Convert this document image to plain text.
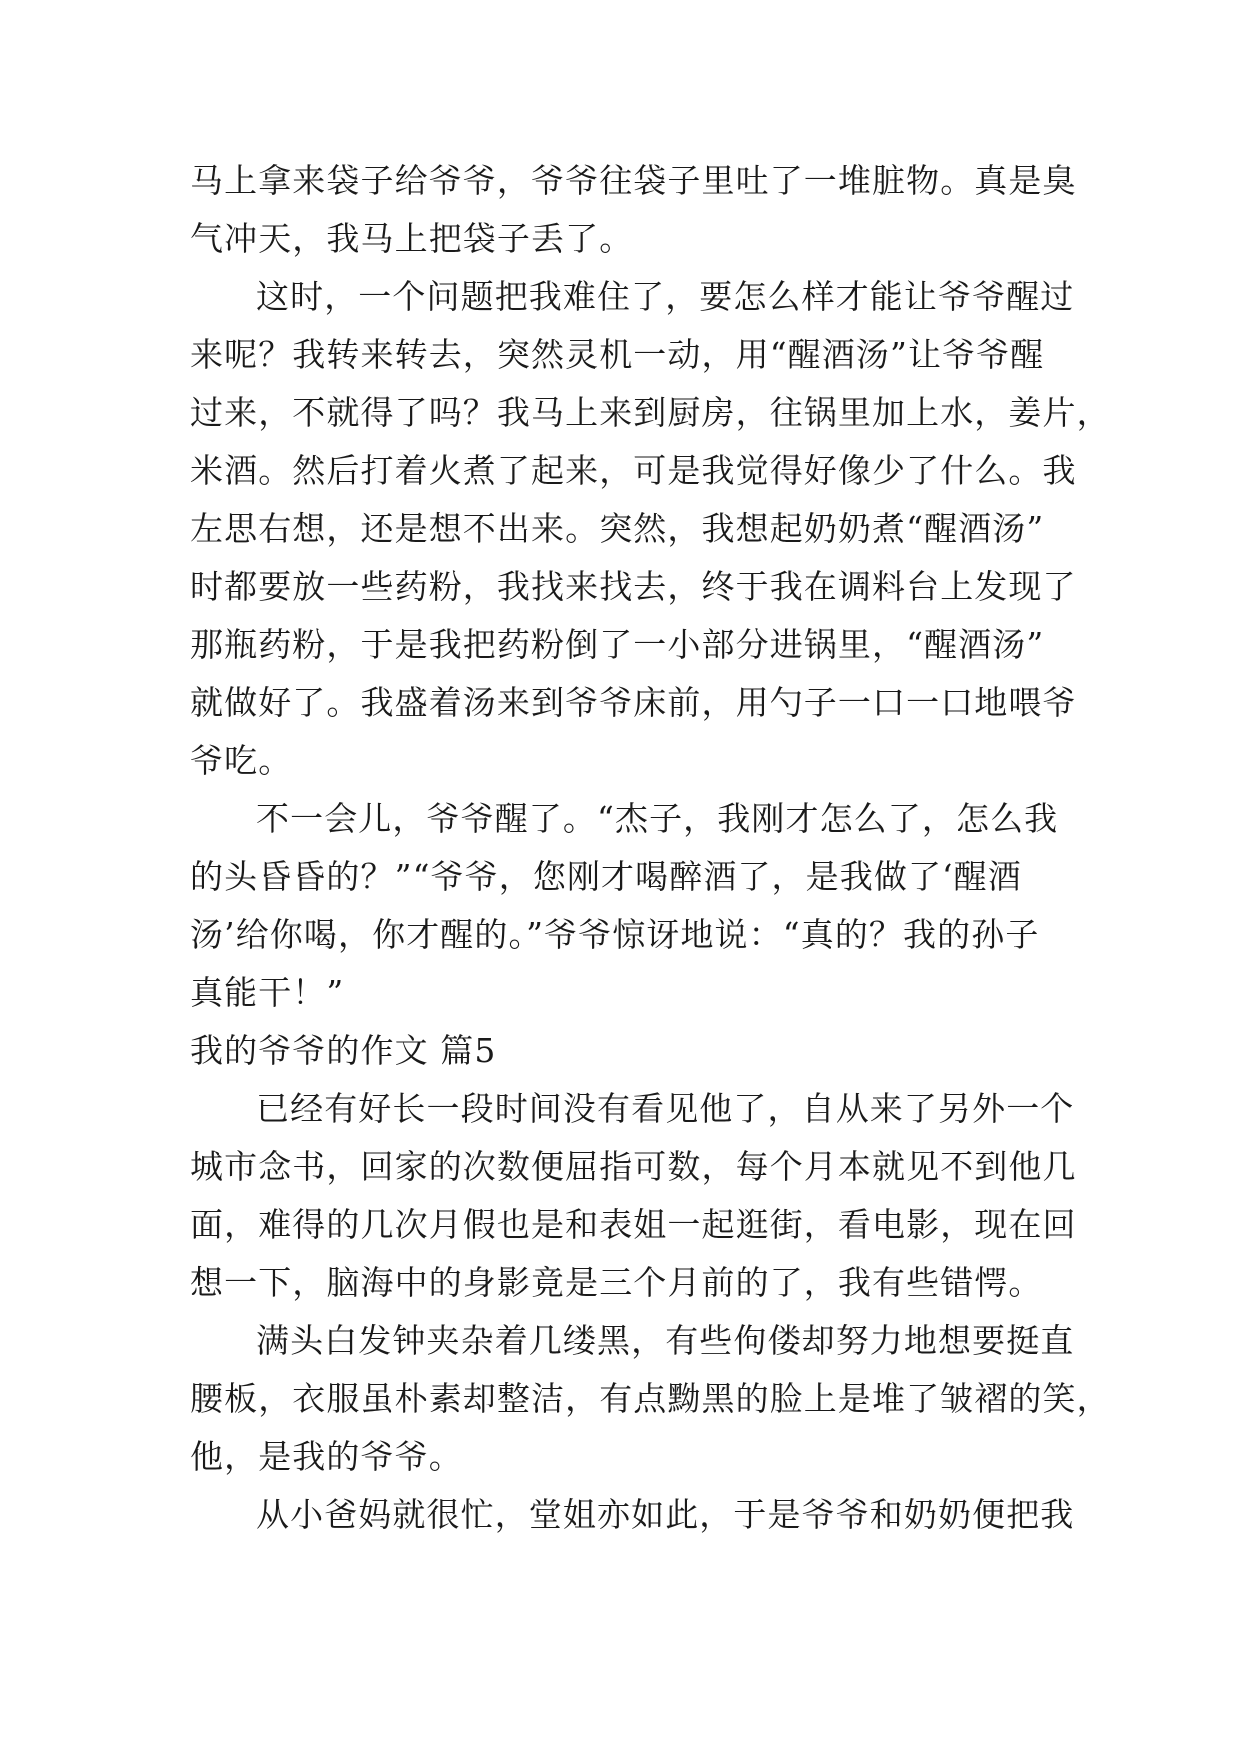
马上拿来袋子给爷爷，爷爷往袋子里吐了一堆脏物。真是臭
气冲天，我马上把袋子丢了。
这时，一个问题把我难住了，要怎么样才能让爷爷醒过
来呢？我转来转去，突然灵机一动，用“醒酒汤”让爷爷醒
过来，不就得了吗？我马上来到厨房，往锅里加上水，姜片，
米酒。然后打着火煮了起来，可是我觉得好像少了什么。我
左思右想，还是想不出来。突然，我想起奶奶煮“醒酒汤”
时都要放一些药粉，我找来找去，终于我在调料台上发现了
那瓶药粉，于是我把药粉倒了一小部分进锅里，“醒酒汤”
就做好了。我盛着汤来到爷爷床前，用勺子一口一口地喂爷
爷吃。
不一会儿，爷爷醒了。“杰子，我刚才怎么了，怎么我
的头昏昏的？”“爷爷，您刚才喝醉酒了，是我做了‘醒酒
汤’给你喝，你才醒的。”爷爷惊讶地说：“真的？我的孙子
真能干！”
我的爷爷的作文 篇5
已经有好长一段时间没有看见他了，自从来了另外一个
城市念书，回家的次数便屈指可数，每个月本就见不到他几
面，难得的几次月假也是和表姐一起逛街，看电影，现在回
想一下，脑海中的身影竟是三个月前的了，我有些错愕。
满头白发钟夹杂着几缕黑，有些佝偻却努力地想要挺直
腰板，衣服虽朴素却整洁，有点黝黑的脸上是堆了皱褶的笑，
他，是我的爷爷。
从小爸妈就很忙，堂姐亦如此，于是爷爷和奶奶便把我
